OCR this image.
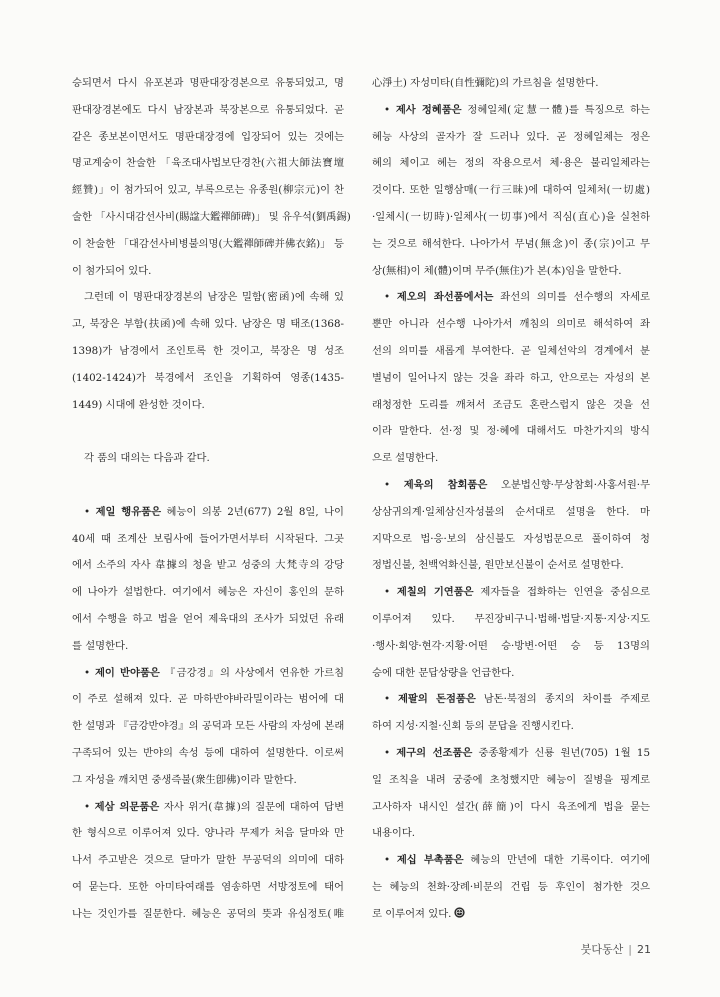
승되면서 다시 유포본과 명판대장경본으로 유통되었고, 명
판대장경본에도 다시 남장본과 북장본으로 유통되었다. 곧
같은 종보본이면서도 명판대장경에 입장되어 있는 것에는
명교계숭이 찬술한 「육조대사법보단경찬(六祖大師法寶壇
經贊)」이 첨가되어 있고, 부록으로는 유종원(柳宗元)이 찬
술한 「사시대감선사비(賜諡大鑑禪師碑)」 및 유우석(劉禹錫)
이 찬술한 「대감선사비병불의명(大鑑禪師碑并佛衣銘)」 등
이 첨가되어 있다.
그런데 이 명판대장경본의 남장은 밀함(密函)에 속해 있
고, 북장은 부함(扶函)에 속해 있다. 남장은 명 태조(1368-
1398)가 남경에서 조인토록 한 것이고, 북장은 명 성조
(1402-1424)가 북경에서 조인을 기획하여 영종(1435-
1449) 시대에 완성한 것이다.
각 품의 대의는 다음과 같다.
• 제일 행유품은 혜능이 의봉 2년(677) 2월 8일, 나이
40세 때 조계산 보림사에 들어가면서부터 시작된다. 그곳
에서 소주의 자사 韋據의 청을 받고 성중의 大梵寺의 강당
에 나아가 설법한다. 여기에서 혜능은 자신이 홍인의 문하
에서 수행을 하고 법을 얻어 제육대의 조사가 되었던 유래
를 설명한다.
• 제이 반야품은 『금강경』의 사상에서 연유한 가르침
이 주로 설해져 있다. 곧 마하반야바라밀이라는 범어에 대
한 설명과 『금강반야경』의 공덕과 모든 사람의 자성에 본래
구족되어 있는 반야의 속성 등에 대하여 설명한다. 이로써
그 자성을 깨치면 중생즉불(衆生卽佛)이라 말한다.
• 제삼 의문품은 자사 위거(韋據)의 질문에 대하여 답변
한 형식으로 이루어져 있다. 양나라 무제가 처음 달마와 만
나서 주고받은 것으로 달마가 말한 무공덕의 의미에 대하
여 묻는다. 또한 아미타여래를 염송하면 서방정토에 태어
나는 것인가를 질문한다. 혜능은 공덕의 뜻과 유심정토(唯
心淨土) 자성미타(自性彌陀)의 가르침을 설명한다.
• 제사 정혜품은 정혜일체(定慧一體)를 특징으로 하는
혜능 사상의 골자가 잘 드러나 있다. 곧 정혜일체는 정은
혜의 체이고 혜는 정의 작용으로서 체·용은 불리일체라는
것이다. 또한 일행삼매(一行三昧)에 대하여 일체처(一切處)
·일체시(一切時)·일체사(一切事)에서 직심(直心)을 실천하
는 것으로 해석한다. 나아가서 무념(無念)이 종(宗)이고 무
상(無相)이 체(體)이며 무주(無住)가 본(本)임을 말한다.
• 제오의 좌선품에서는 좌선의 의미를 선수행의 자세로
뿐만 아니라 선수행 나아가서 깨침의 의미로 해석하여 좌
선의 의미를 새롭게 부여한다. 곧 일체선악의 경계에서 분
별념이 일어나지 않는 것을 좌라 하고, 안으로는 자성의 본
래청정한 도리를 깨쳐서 조금도 혼란스럽지 않은 것을 선
이라 말한다. 선·정 및 정·혜에 대해서도 마찬가지의 방식
으로 설명한다.
• 제육의 참회품은 오분법신향·무상참회·사홍서원·무
상삼귀의계·일체삼신자성불의 순서대로 설명을 한다. 마
지막으로 법·응·보의 삼신불도 자성법문으로 풀이하여 청
정법신불, 천백억화신불, 원만보신불이 순서로 설명한다.
• 제칠의 기연품은 제자들을 접화하는 인연을 중심으로
이루어져 있다. 무진장비구니·법해·법달·지통·지상·지도
·행사·회양·현각·지황·어떤 승·방변·어떤 승 등 13명의
승에 대한 문답상량을 언급한다.
• 제팔의 돈점품은 남돈·북점의 종지의 차이를 주제로
하여 지성·지철·신회 등의 문답을 진행시킨다.
• 제구의 선조품은 중종황제가 신룡 원년(705) 1월 15
일 조칙을 내려 궁중에 초청했지만 혜능이 질병을 핑계로
고사하자 내시인 설간(薛簡)이 다시 육조에게 법을 묻는
내용이다.
• 제십 부촉품은 혜능의 만년에 대한 기록이다. 여기에
는 혜능의 천화·장례·비문의 건립 등 후인이 첨가한 것으
로 이루어져 있다.
붓다동산 | 21
